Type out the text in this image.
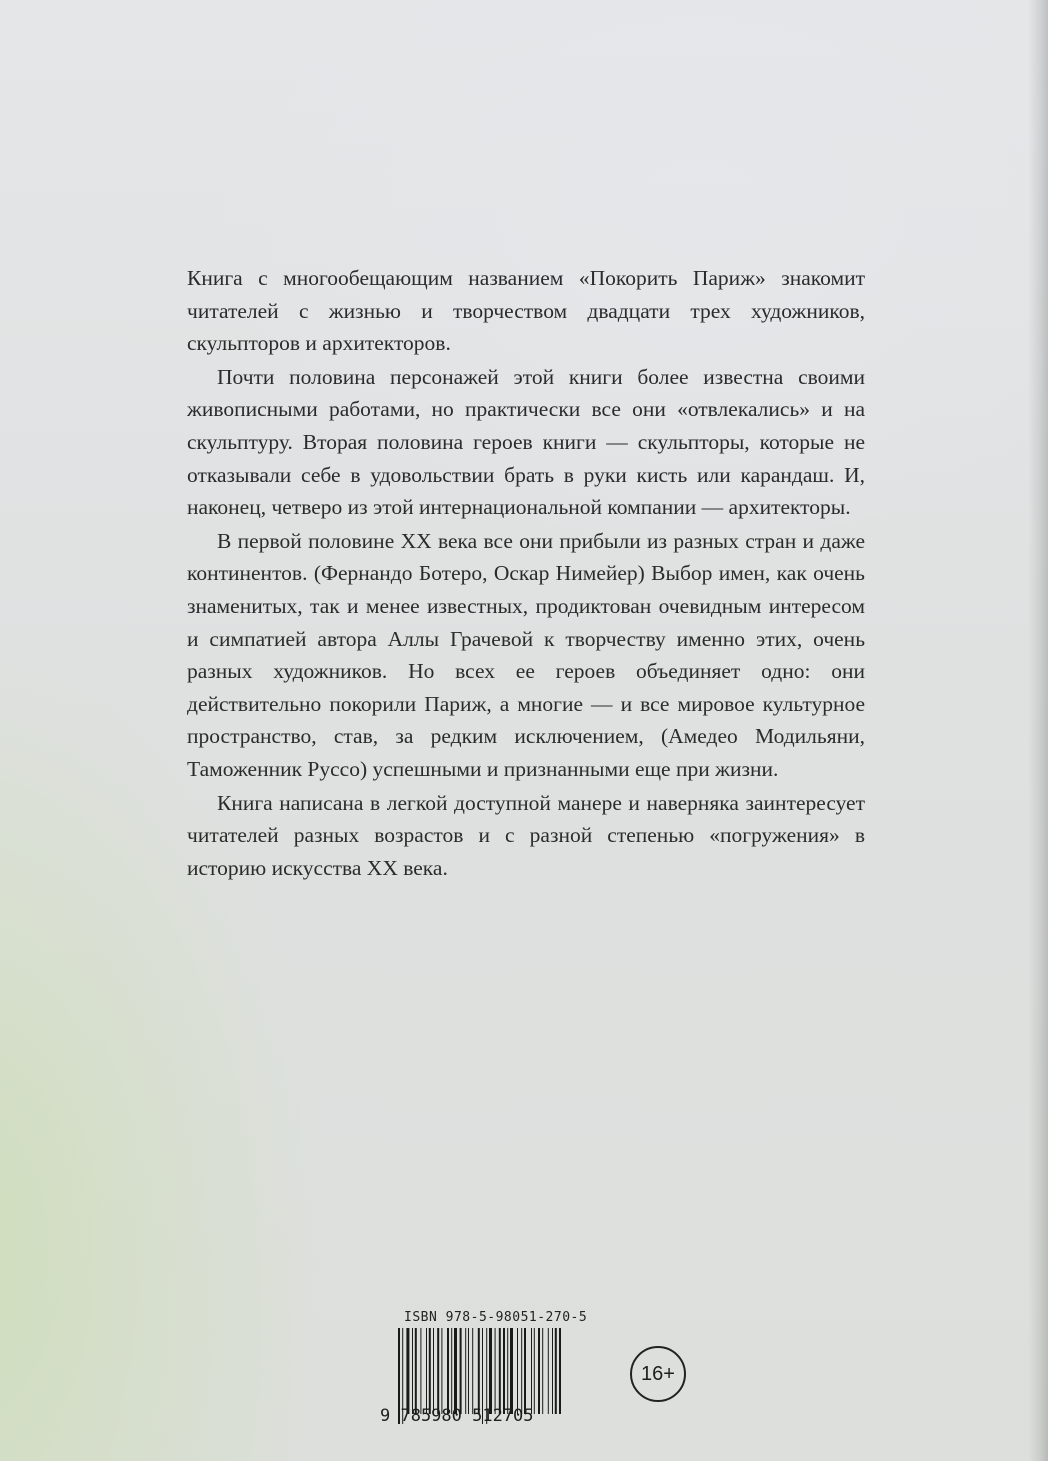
Книга с многообещающим названием «Покорить Париж» знакомит читателей с жизнью и творчеством двадцати трех художников, скульпторов и архитекторов.

Почти половина персонажей этой книги более известна своими живописными работами, но практически все они «отвлекались» и на скульптуру. Вторая половина героев книги — скульпторы, которые не отказывали себе в удовольствии брать в руки кисть или карандаш. И, наконец, четверо из этой интернациональной компании — архитекторы.

В первой половине XX века все они прибыли из разных стран и даже континентов. (Фернандо Ботеро, Оскар Нимейер) Выбор имен, как очень знаменитых, так и менее известных, продиктован очевидным интересом и симпатией автора Аллы Грачевой к творчеству именно этих, очень разных художников. Но всех ее героев объединяет одно: они действительно покорили Париж, а многие — и все мировое культурное пространство, став, за редким исключением, (Амедео Модильяни, Таможенник Руссо) успешными и признанными еще при жизни.

Книга написана в легкой доступной манере и наверняка заинтересует читателей разных возрастов и с разной степенью «погружения» в историю искусства XX века.

ISBN 978-5-98051-270-5
9 785980 512705
16+
